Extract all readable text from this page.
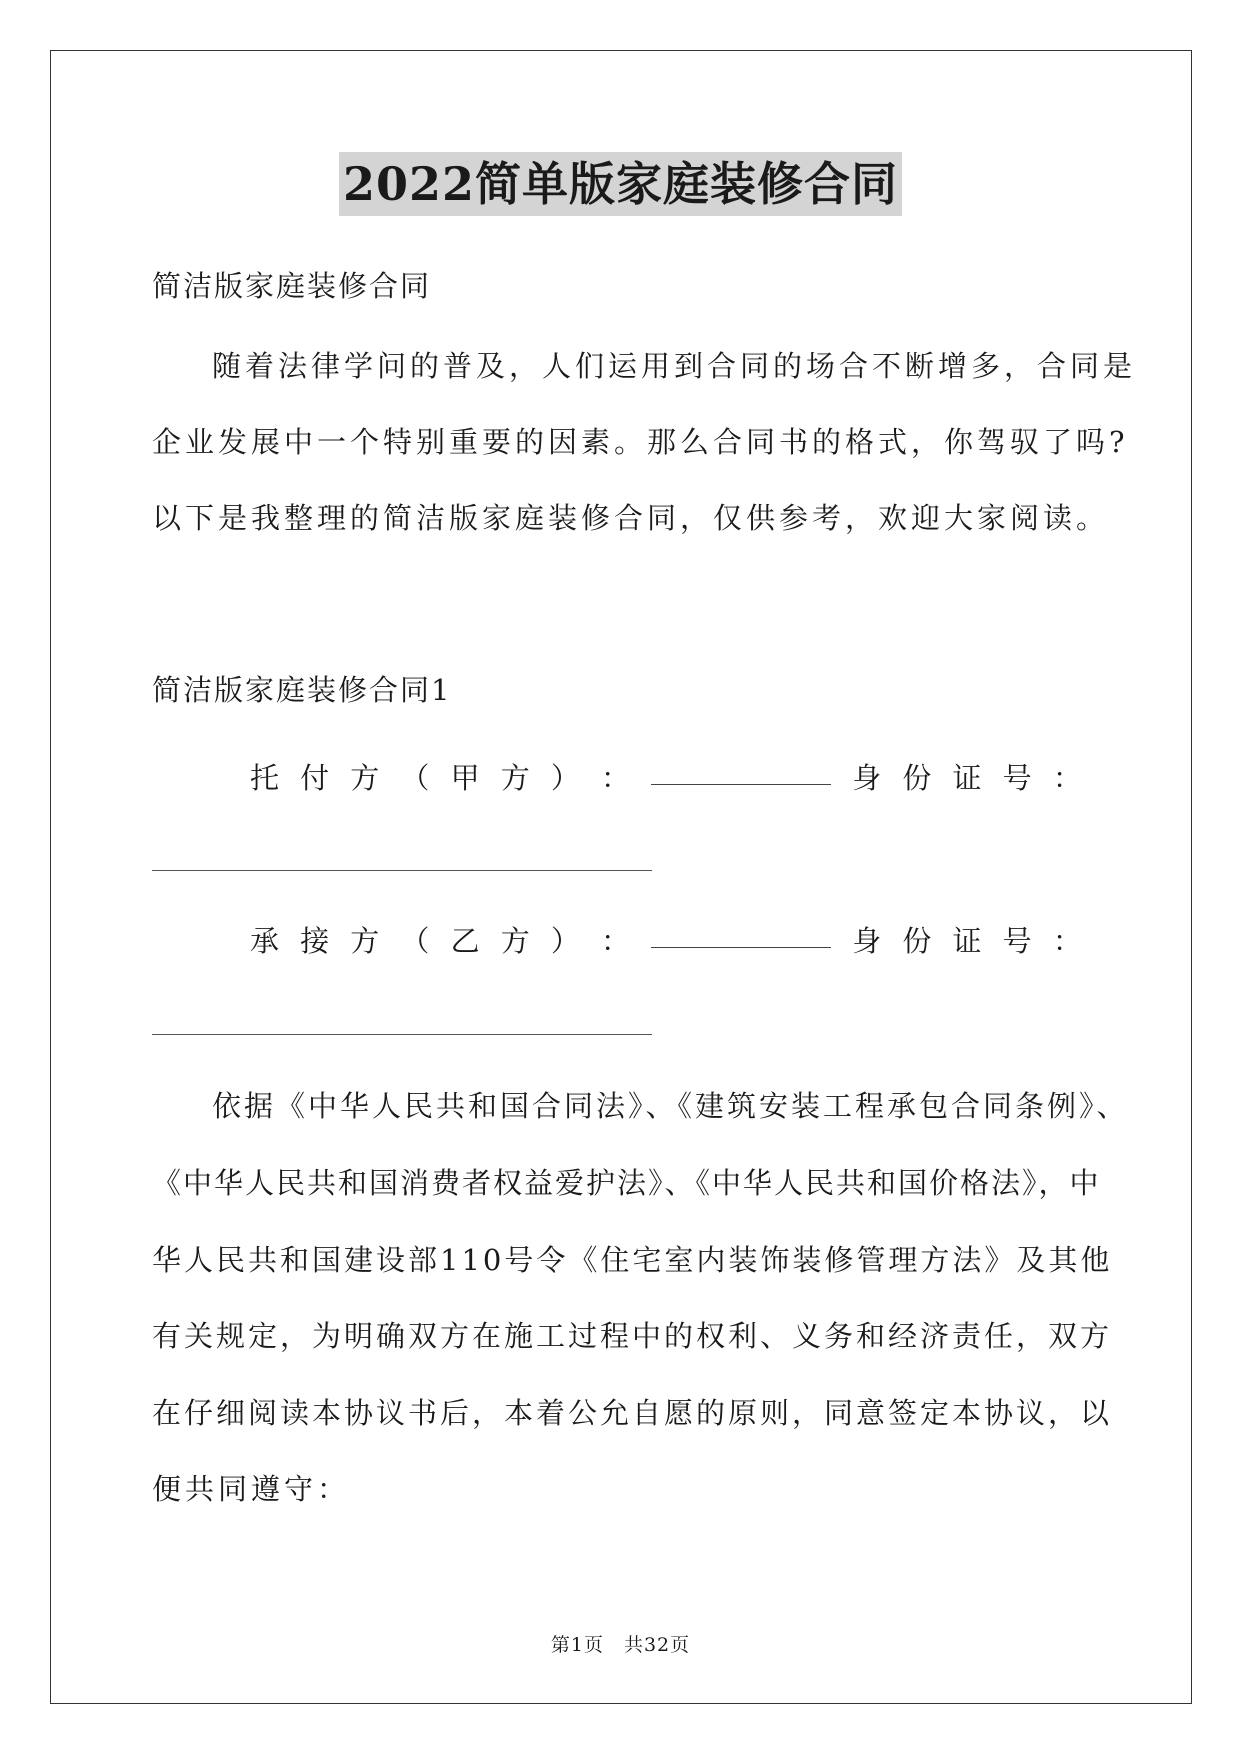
2022简单版家庭装修合同
简洁版家庭装修合同
随着法律学问的普及，人们运用到合同的场合不断增多，合同是
企业发展中一个特别重要的因素。那么合同书的格式，你驾驭了吗?
以下是我整理的简洁版家庭装修合同，仅供参考，欢迎大家阅读。
简洁版家庭装修合同1
托 付 方 （ 甲 方 ） ：	身 份 证 号 ：
承 接 方 （ 乙 方 ） ：	身 份 证 号 ：
依据《中华人民共和国合同法》、《建筑安装工程承包合同条例》、
《中华人民共和国消费者权益爱护法》、《中华人民共和国价格法》，中
华人民共和国建设部110号令《住宅室内装饰装修管理方法》及其他
有关规定，为明确双方在施工过程中的权利、义务和经济责任，双方
在仔细阅读本协议书后，本着公允自愿的原则，同意签定本协议，以
便共同遵守：
第1页　共32页
